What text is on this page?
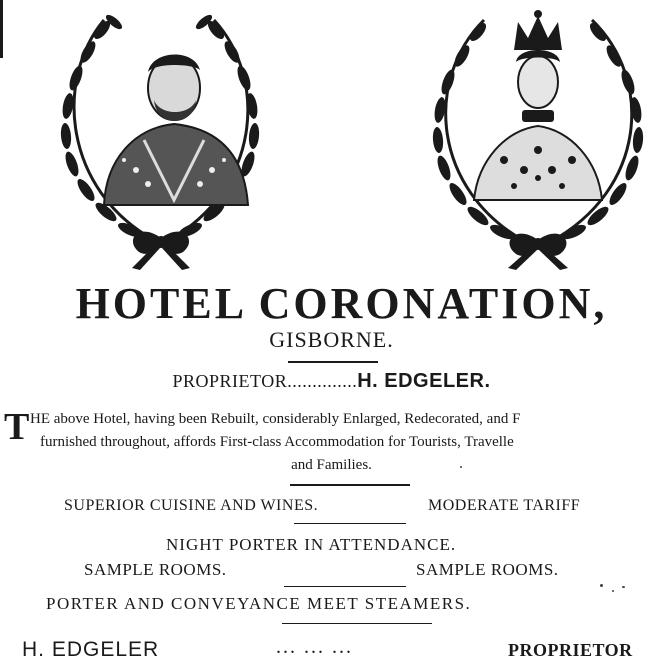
HOTEL CORONATION,
GISBORNE.
PROPRIETOR..............H. EDGELER.
T HE above Hotel, having been Rebuilt, considerably Enlarged, Redecorated, and F
furnished throughout, affords First-class Accommodation for Tourists, Travelle
and Families.
SUPERIOR CUISINE AND WINES.	MODERATE TARIFF
NIGHT PORTER IN ATTENDANCE.
SAMPLE ROOMS.	SAMPLE ROOMS.
PORTER AND CONVEYANCE MEET STEAMERS.
H. EDGELER	... ... ...	PROPRIETOR
